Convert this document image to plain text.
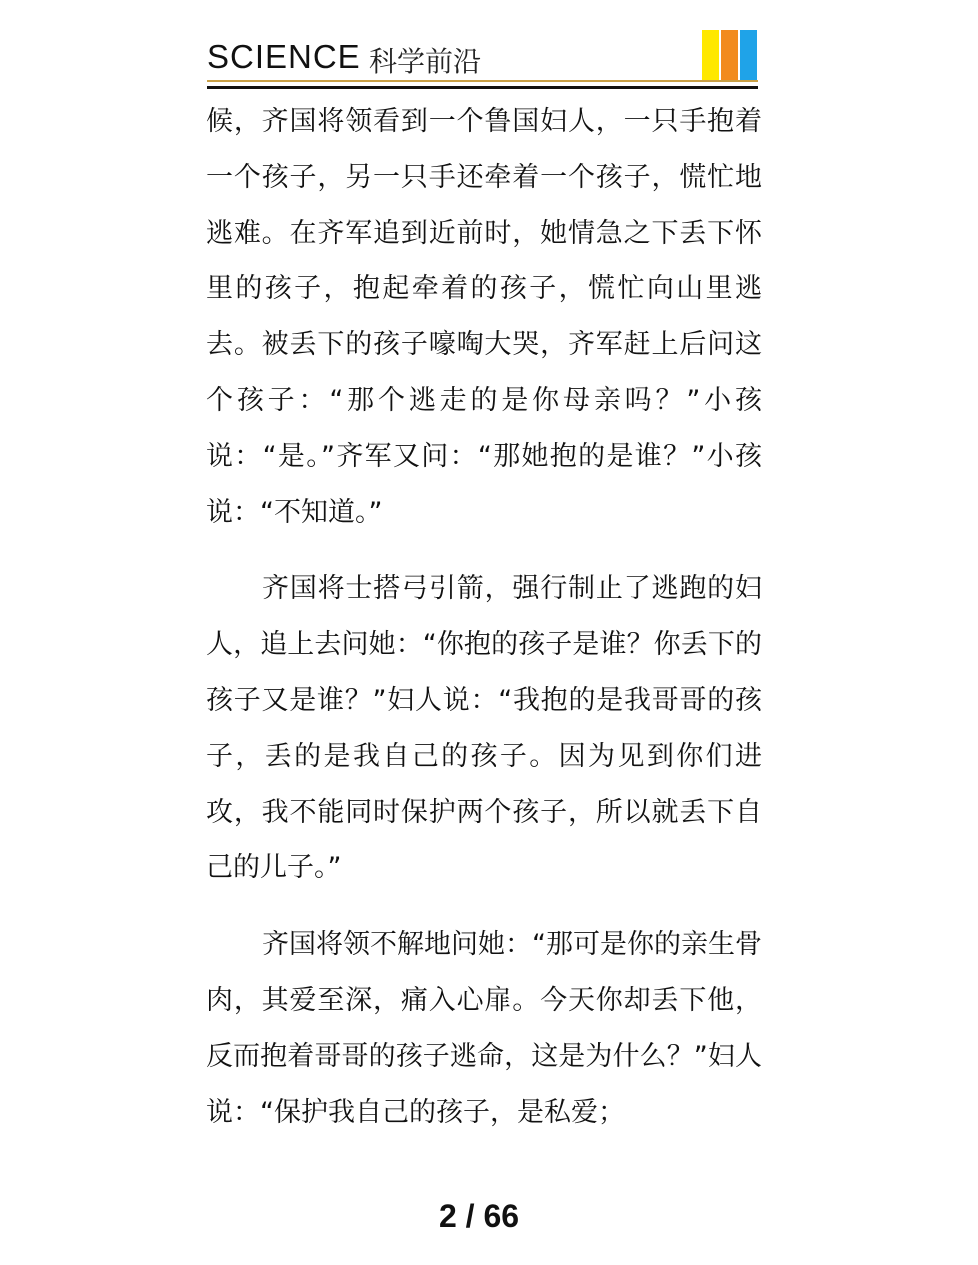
SCIENCE 科学前沿

候，齐国将领看到一个鲁国妇人，一只手抱着一个孩子，另一只手还牵着一个孩子，慌忙地逃难。在齐军追到近前时，她情急之下丢下怀里的孩子，抱起牵着的孩子，慌忙向山里逃去。被丢下的孩子嚎啕大哭，齐军赶上后问这个孩子：“那个逃走的是你母亲吗？”小孩说：“是。”齐军又问：“那她抱的是谁？”小孩说：“不知道。”

齐国将士搭弓引箭，强行制止了逃跑的妇人，追上去问她：“你抱的孩子是谁？你丢下的孩子又是谁？”妇人说：“我抱的是我哥哥的孩子，丢的是我自己的孩子。因为见到你们进攻，我不能同时保护两个孩子，所以就丢下自己的儿子。”

齐国将领不解地问她：“那可是你的亲生骨肉，其爱至深，痛入心扉。今天你却丢下他，反而抱着哥哥的孩子逃命，这是为什么？”妇人说：“保护我自己的孩子，是私爱；

2 / 66
